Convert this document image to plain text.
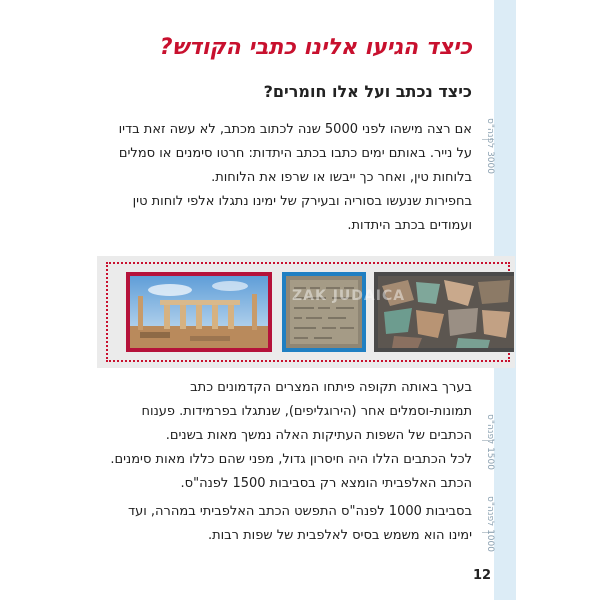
3000 לפנה"ס
1500 לפנה"ס
1000 לפנה"ס
כיצד הגיעו אלינו כתבי הקודש?
כיצד נכתב ועל אלו חומרים?

אם רצה מישהו לפני 5000 שנה לכתוב מכתב, לא עשה זאת בדיו על נייר. באותם ימים כתבו בכתב היתדות: חרטו סימנים או סמלים בלוחות טין, ואחר כך ייבשו או שרפו את הלוחות.

בחפירות שנעשו בסוריה ובעירק של ימינו נתגלו אלפי לוחות טין ועמודים בכתב היתדות.

ZAK JUDAICA

בערך באותה תקופה פיתחו המצרים הקדמונים כתב תמונות-וסמלים אחר (הירוגליפים), שנתגלו בפרמידות. פענוח הכתבים של השפות העתיקות האלה נמשך מאות בשנים.

לכל הכתבים הללו היה חיסרון גדול, מפני שהם כללו מאות סימנים. הכתב האלפביתי הומצא רק בסביבות 1500 לפנה"ס.

בסביבות 1000 לפנה"ס התפשט הכתב האלפביתי במהרה, ועד ימינו הוא משמש בסיס לאלפבית של שפות רבות.

12
